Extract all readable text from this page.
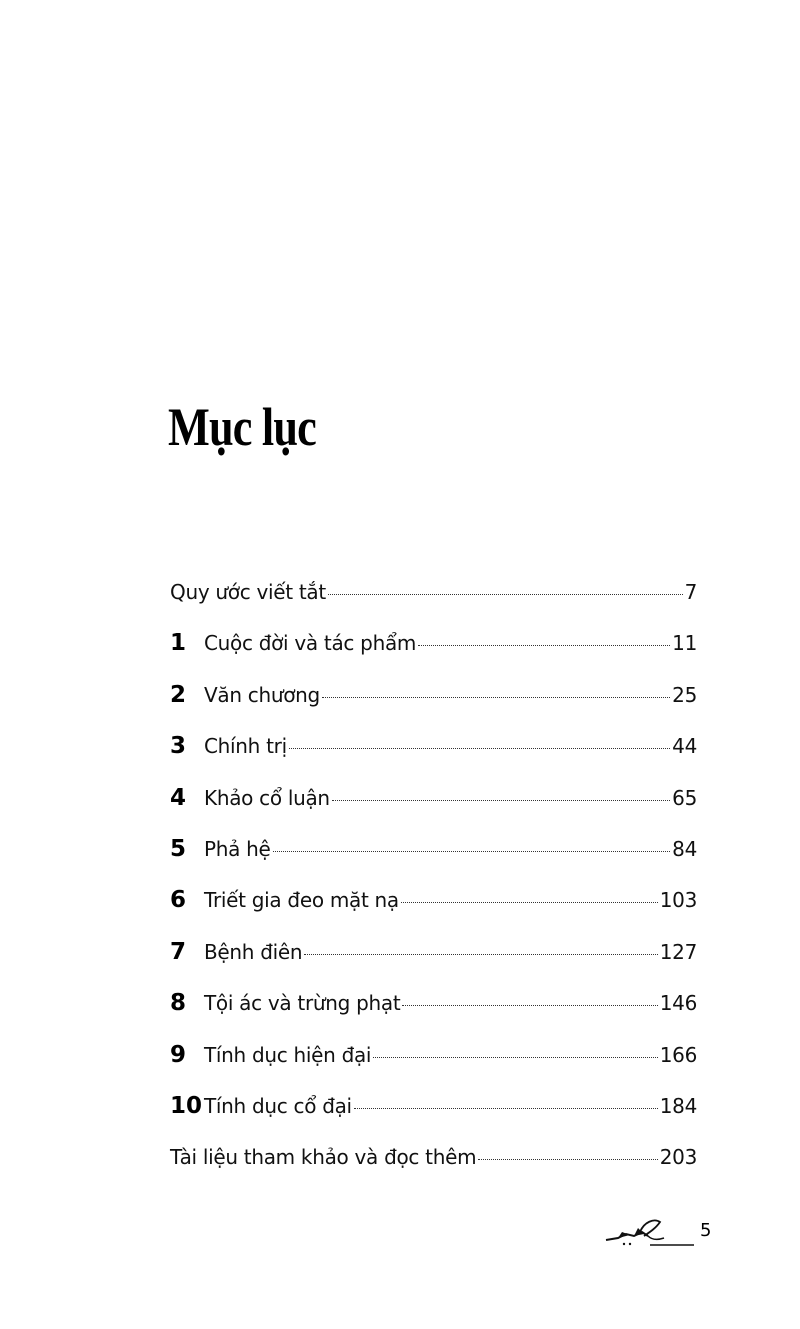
Mục lục
Quy ước viết tắt	7
1 Cuộc đời và tác phẩm	11
2 Văn chương	25
3 Chính trị	44
4 Khảo cổ luận	65
5 Phả hệ	84
6 Triết gia đeo mặt nạ	103
7 Bệnh điên	127
8 Tội ác và trừng phạt	146
9 Tính dục hiện đại	166
10 Tính dục cổ đại	184
Tài liệu tham khảo và đọc thêm	203
5
